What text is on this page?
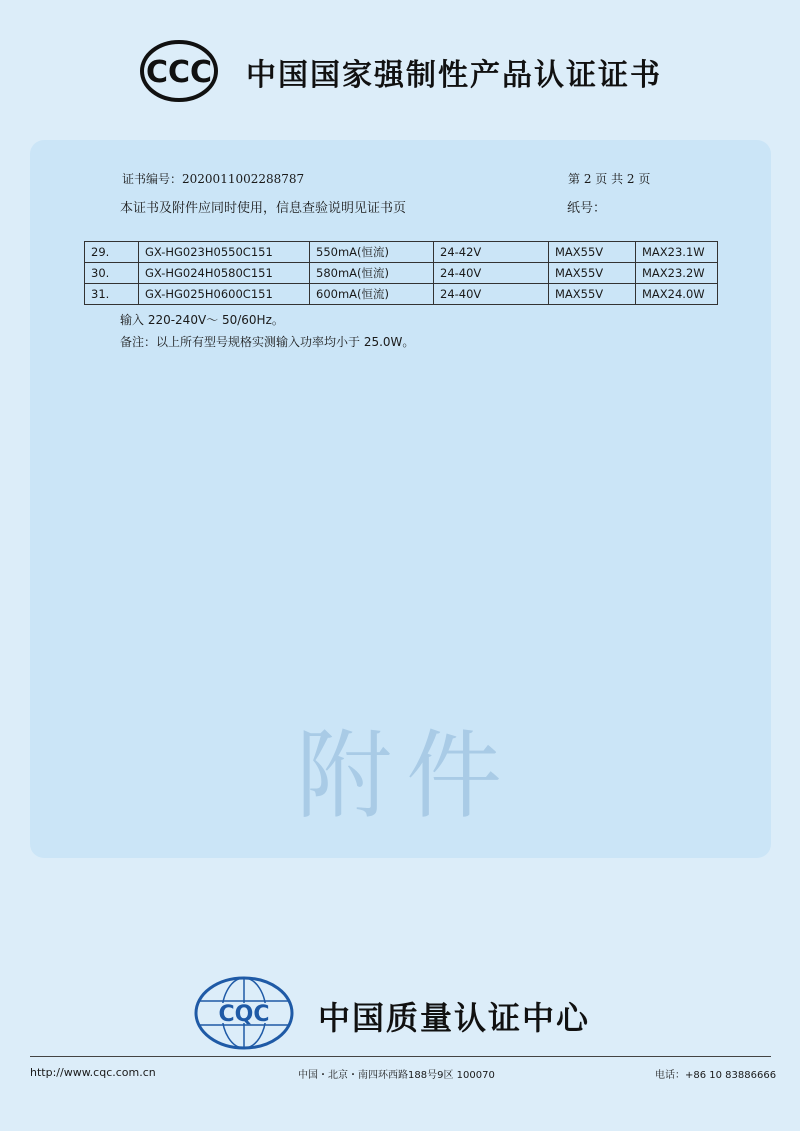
CCC 中国国家强制性产品认证证书
证书编号：2020011002288787	第 2 页 共 2 页
本证书及附件应同时使用，信息查验说明见证书页	纸号：
29.	GX-HG023H0550C151	550mA(恒流)	24-42V	MAX55V	MAX23.1W
30.	GX-HG024H0580C151	580mA(恒流)	24-40V	MAX55V	MAX23.2W
31.	GX-HG025H0600C151	600mA(恒流)	24-40V	MAX55V	MAX24.0W
输入 220-240V～ 50/60Hz。
备注：以上所有型号规格实测输入功率均小于 25.0W。
附件
CQC 中国质量认证中心
http://www.cqc.com.cn	中国・北京・南四环西路188号9区 100070	电话：+86 10 83886666
